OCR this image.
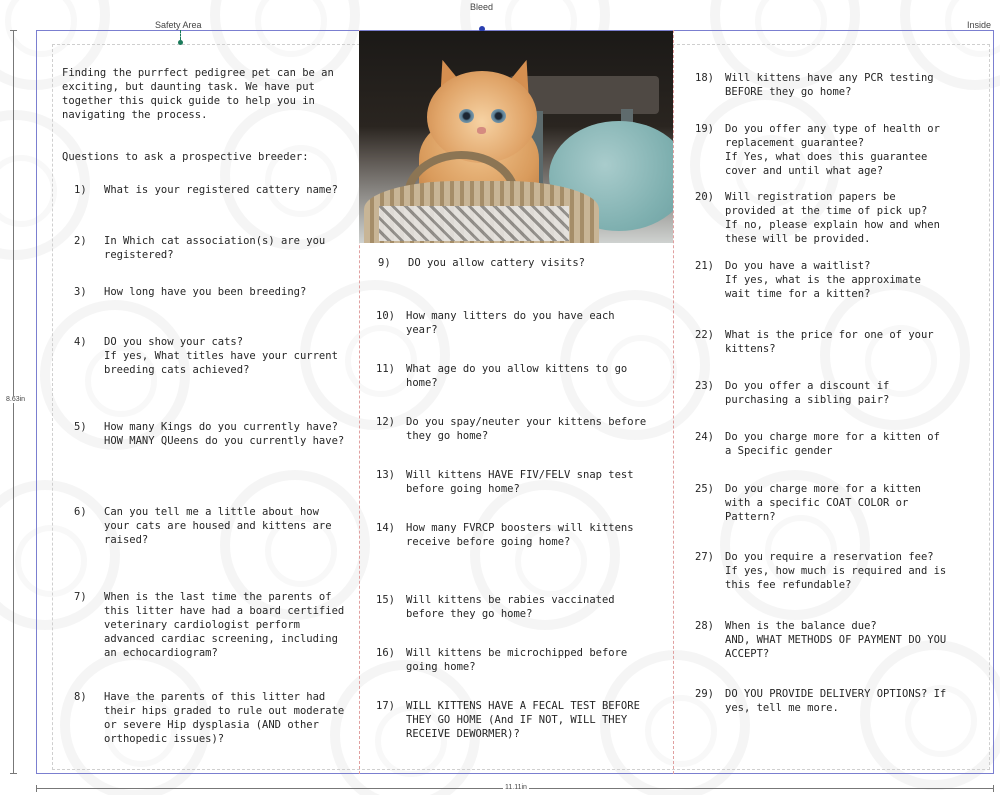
Safety Area
Bleed
Inside
8.63in
11.11in
Finding the purrfect pedigree pet can be an exciting, but daunting task. We have put together this quick guide to help you in navigating the process.
Questions to ask a prospective breeder:
1)	What is your registered cattery name?
2)	In Which cat association(s) are you registered?
3)	How long have you been breeding?
4)	DO you show your cats?
If yes, What titles have your current breeding cats achieved?
5)	How many Kings do you currently have?
HOW MANY QUeens do you currently have?
6)	Can you tell me a little about how your cats are housed and kittens are raised?
7)	When is the last time the parents of this litter have had a board certified veterinary cardiologist perform advanced cardiac screening, including an echocardiogram?
8)	Have the parents of this litter had their hips graded to rule out moderate or severe Hip dysplasia (AND other orthopedic issues)?
9)	DO you allow cattery visits?
10)	How many litters do you have each year?
11)	What age do you allow kittens to go home?
12)	Do you spay/neuter your kittens before they go home?
13)	Will kittens HAVE FIV/FELV snap test before going home?
14)	How many FVRCP boosters will kittens receive before going home?
15)	Will kittens be rabies vaccinated before they go home?
16)	Will kittens be microchipped before going home?
17)	WILL KITTENS HAVE A FECAL TEST BEFORE THEY GO HOME (And IF NOT, WILL THEY RECEIVE DEWORMER)?
18)	Will kittens have any PCR testing BEFORE they go home?
19)	Do you offer any type of health or replacement guarantee?
If Yes, what does this guarantee cover and until what age?
20)	Will registration papers be provided at the time of pick up?
If no, please explain how and when these will be provided.
21)	Do you have a waitlist?
If yes, what is the approximate wait time for a kitten?
22)	What is the price for one of your kittens?
23)	Do you offer a discount if purchasing a sibling pair?
24)	Do you charge more for a kitten of a Specific gender
25)	Do you charge more for a kitten with a specific COAT COLOR or Pattern?
27)	Do you require a reservation fee?
If yes, how much is required and is this fee refundable?
28)	When is the balance due?
AND, WHAT METHODS OF PAYMENT DO YOU ACCEPT?
29)	DO YOU PROVIDE DELIVERY OPTIONS? If yes, tell me more.
